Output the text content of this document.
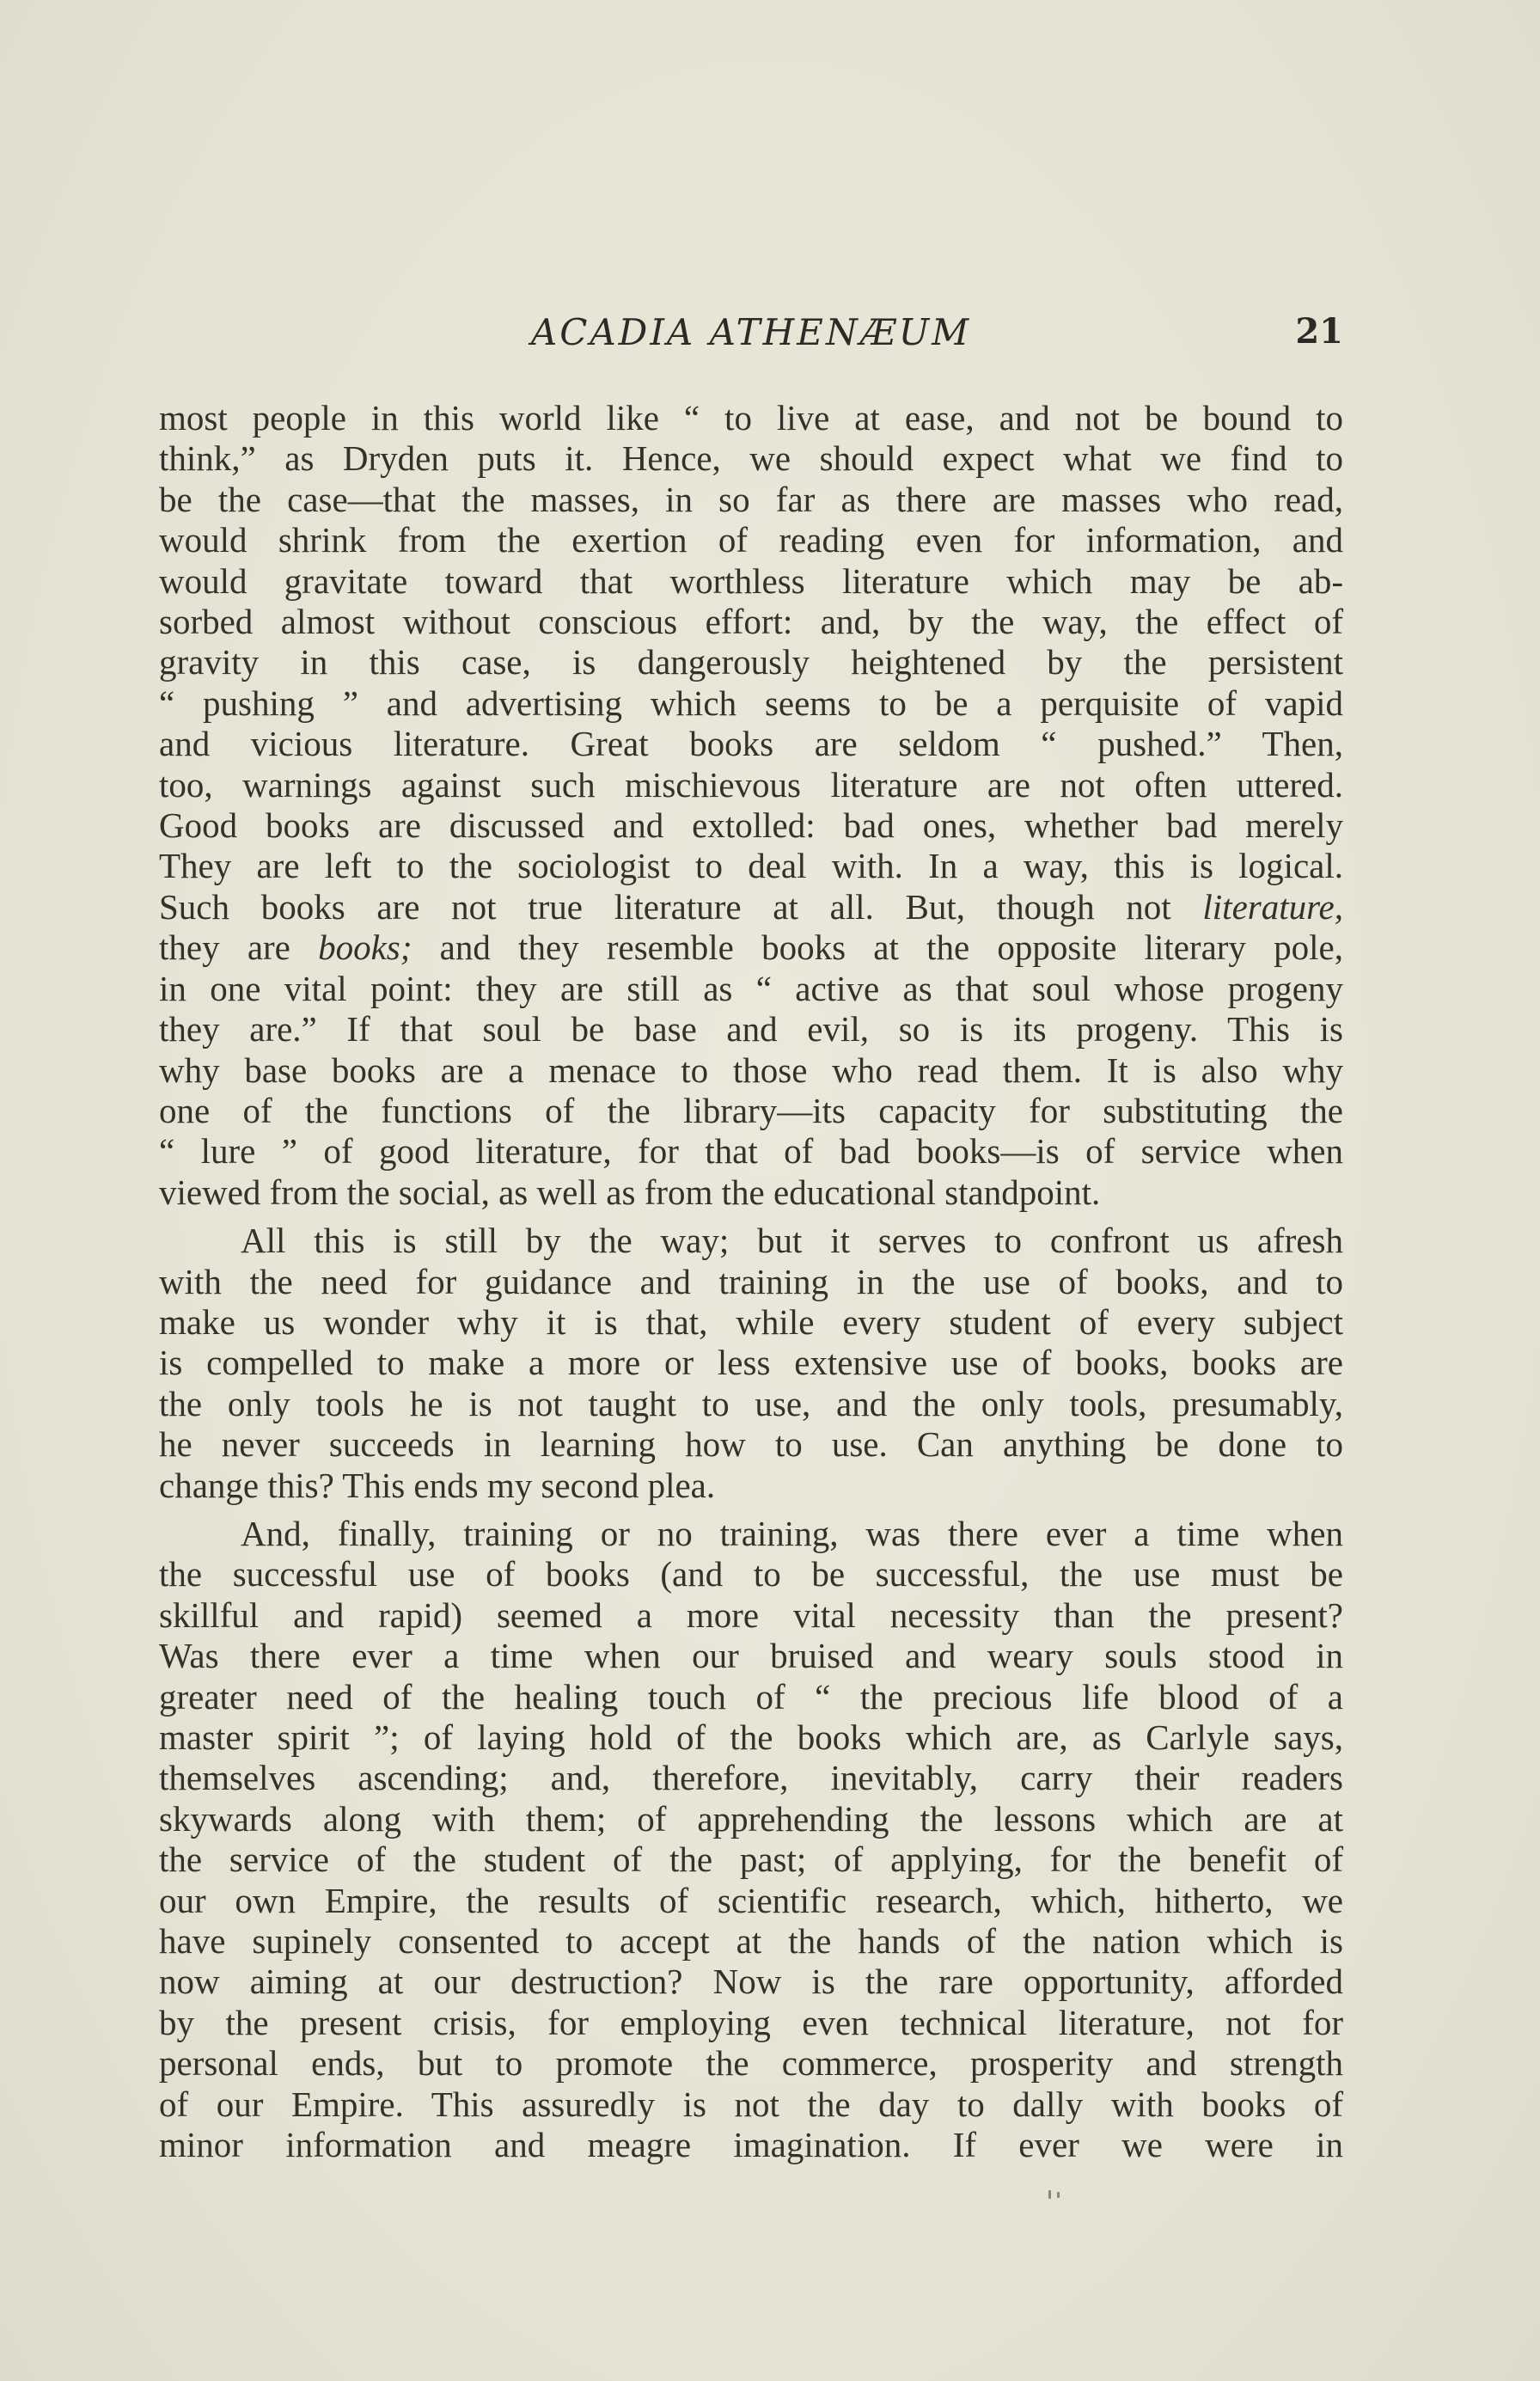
ACADIA ATHENÆUM	21

most people in this world like “ to live at ease, and not be bound to
think,” as Dryden puts it. Hence, we should expect what we find to
be the case—that the masses, in so far as there are masses who read,
would shrink from the exertion of reading even for information, and
would gravitate toward that worthless literature which may be ab-
sorbed almost without conscious effort: and, by the way, the effect of
gravity in this case, is dangerously heightened by the persistent
“ pushing ” and advertising which seems to be a perquisite of vapid
and vicious literature. Great books are seldom “ pushed.” Then,
too, warnings against such mischievous literature are not often uttered.
Good books are discussed and extolled: bad ones, whether bad merely
They are left to the sociologist to deal with. In a way, this is logical.
Such books are not true literature at all. But, though not literature,
they are books; and they resemble books at the opposite literary pole,
in one vital point: they are still as “ active as that soul whose progeny
they are.” If that soul be base and evil, so is its progeny. This is
why base books are a menace to those who read them. It is also why
one of the functions of the library—its capacity for substituting the
“ lure ” of good literature, for that of bad books—is of service when
viewed from the social, as well as from the educational standpoint.

All this is still by the way; but it serves to confront us afresh
with the need for guidance and training in the use of books, and to
make us wonder why it is that, while every student of every subject
is compelled to make a more or less extensive use of books, books are
the only tools he is not taught to use, and the only tools, presumably,
he never succeeds in learning how to use. Can anything be done to
change this? This ends my second plea.

And, finally, training or no training, was there ever a time when
the successful use of books (and to be successful, the use must be
skillful and rapid) seemed a more vital necessity than the present?
Was there ever a time when our bruised and weary souls stood in
greater need of the healing touch of “ the precious life blood of a
master spirit ”; of laying hold of the books which are, as Carlyle says,
themselves ascending; and, therefore, inevitably, carry their readers
skywards along with them; of apprehending the lessons which are at
the service of the student of the past; of applying, for the benefit of
our own Empire, the results of scientific research, which, hitherto, we
have supinely consented to accept at the hands of the nation which is
now aiming at our destruction? Now is the rare opportunity, afforded
by the present crisis, for employing even technical literature, not for
personal ends, but to promote the commerce, prosperity and strength
of our Empire. This assuredly is not the day to dally with books of
minor information and meagre imagination. If ever we were in
